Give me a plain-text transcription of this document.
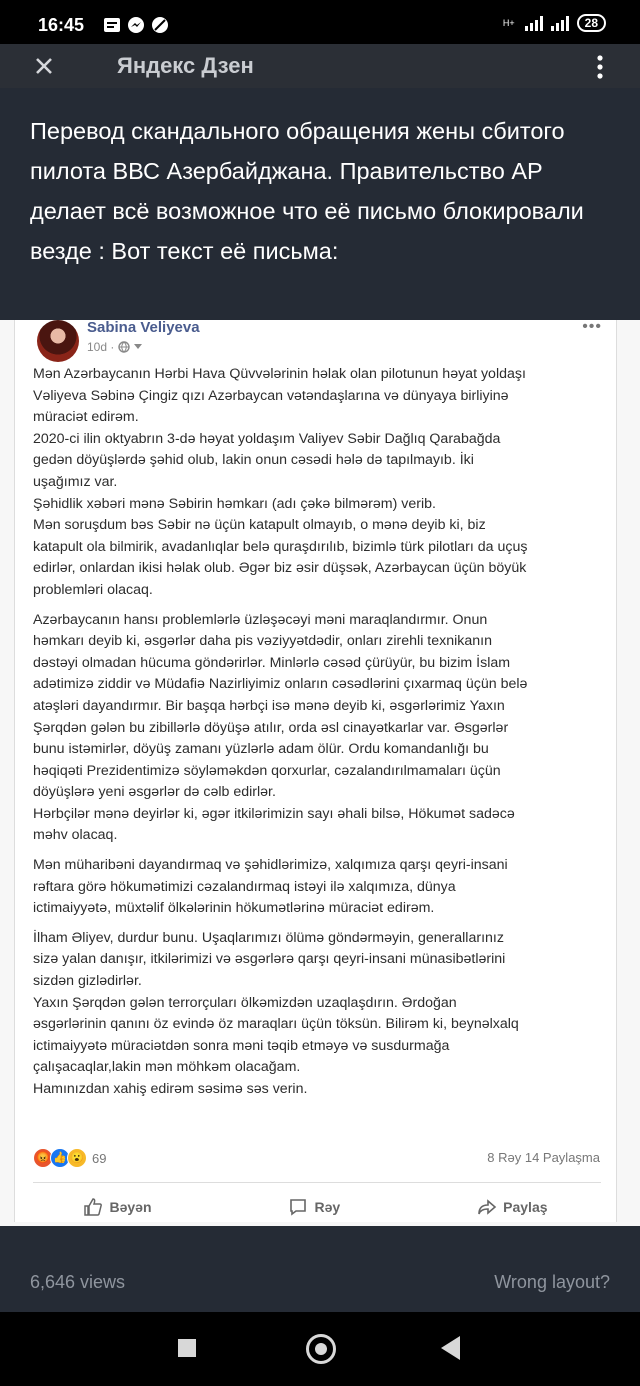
16:45	H+	28
Яндекс Дзен
Перевод скандального обращения жены сбитого пилота ВВС Азербайджана. Правительство АР делает всё возможное что её письмо блокировали везде : Вот текст её письма:
Sabina Veliyeva
10d ·
•••

Mən Azərbaycanın Hərbi Hava Qüvvələrinin həlak olan pilotunun həyat yoldaşı

Vəliyeva Səbinə Çingiz qızı Azərbaycan vətəndaşlarına və dünyaya birliyinə

müraciət edirəm.

2020-ci ilin oktyabrın 3-də həyat yoldaşım Valiyev Səbir Dağlıq Qarabağda

gedən döyüşlərdə şəhid olub, lakin onun cəsədi hələ də tapılmayıb. İki

uşağımız var.

Şəhidlik xəbəri mənə Səbirin həmkarı (adı çəkə bilmərəm) verib.

Mən soruşdum bəs Səbir nə üçün katapult olmayıb, o mənə deyib ki, biz

katapult ola bilmirik, avadanlıqlar belə quraşdırılıb, bizimlə türk pilotları da uçuş

edirlər, onlardan ikisi həlak olub. Əgər biz əsir düşsək, Azərbaycan üçün böyük

problemləri olacaq.

Azərbaycanın hansı problemlərlə üzləşəcəyi məni maraqlandırmır. Onun

həmkarı deyib ki, əsgərlər daha pis vəziyyətdədir, onları zirehli texnikanın

dəstəyi olmadan hücuma göndərirlər. Minlərlə cəsəd çürüyür, bu bizim İslam

adətimizə ziddir və Müdafiə Nazirliyimiz onların cəsədlərini çıxarmaq üçün belə

atəşləri dayandırmır. Bir başqa hərbçi isə mənə deyib ki, əsgərlərimiz Yaxın

Şərqdən gələn bu zibillərlə döyüşə atılır, orda əsl cinayətkarlar var. Əsgərlər

bunu istəmirlər, döyüş zamanı yüzlərlə adam ölür. Ordu komandanlığı bu

həqiqəti Prezidentimizə söyləməkdən qorxurlar, cəzalandırılmamaları üçün

döyüşlərə yeni əsgərlər də cəlb edirlər.

Hərbçilər mənə deyirlər ki, əgər itkilərimizin sayı əhali bilsə, Hökumət sadəcə

məhv olacaq.

Mən müharibəni dayandırmaq və şəhidlərimizə, xalqımıza qarşı qeyri-insani

rəftara görə hökumətimizi cəzalandırmaq istəyi ilə xalqımıza, dünya

ictimaiyyətə, müxtəlif ölkələrinin hökumətlərinə müraciət edirəm.

İlham Əliyev, durdur bunu. Uşaqlarımızı ölümə göndərməyin, generallarınız

sizə yalan danışır, itkilərimizi və əsgərlərə qarşı qeyri-insani münasibətlərini

sizdən gizlədirlər.

Yaxın Şərqdən gələn terrorçuları ölkəmizdən uzaqlaşdırın. Ərdoğan

əsgərlərinin qanını öz evində öz maraqları üçün töksün. Bilirəm ki, beynəlxalq

ictimaiyyətə müraciətdən sonra məni təqib etməyə və susdurmağa

çalışacaqlar,lakin mən möhkəm olacağam.

Hamınızdan xahiş edirəm səsimə səs verin.

😡 👍 😮 69	8 Rəy 14 Paylaşma
Bəyən	Rəy	Paylaş
6,646 views	Wrong layout?
